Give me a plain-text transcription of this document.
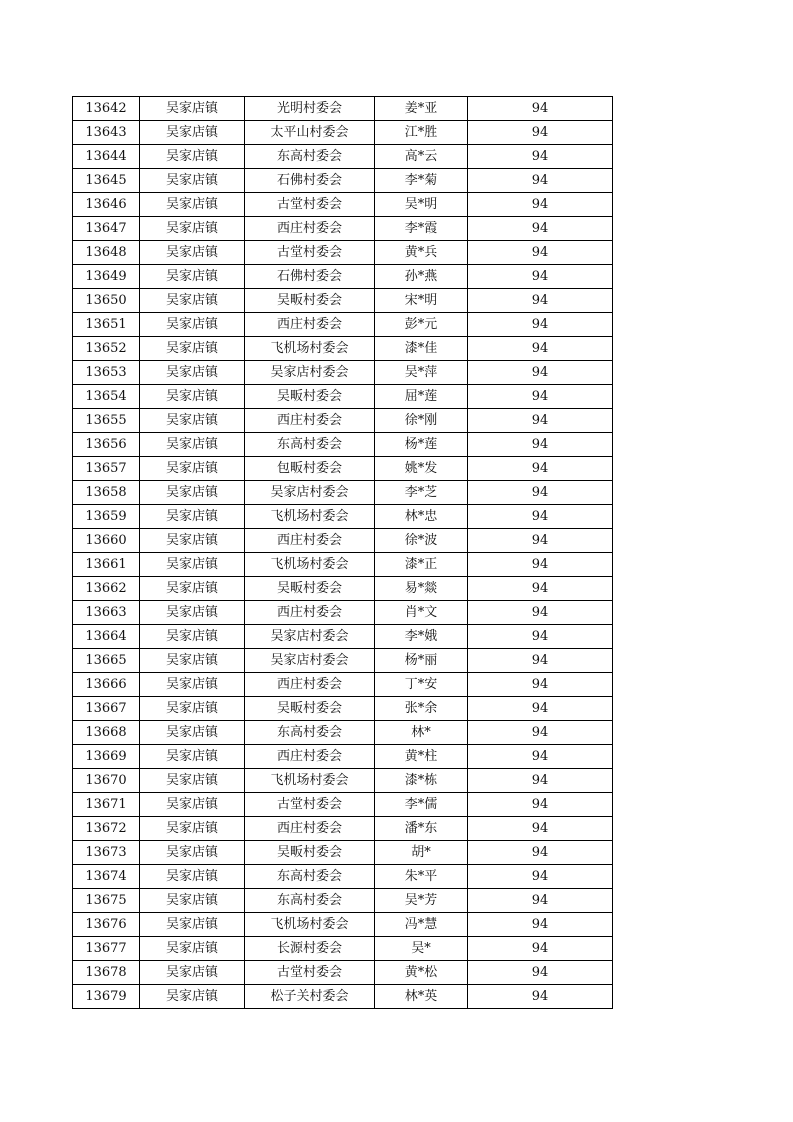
13642	吴家店镇	光明村委会	姜*亚	94
13643	吴家店镇	太平山村委会	江*胜	94
13644	吴家店镇	东高村委会	高*云	94
13645	吴家店镇	石佛村委会	李*菊	94
13646	吴家店镇	古堂村委会	吴*明	94
13647	吴家店镇	西庄村委会	李*霞	94
13648	吴家店镇	古堂村委会	黄*兵	94
13649	吴家店镇	石佛村委会	孙*燕	94
13650	吴家店镇	吴畈村委会	宋*明	94
13651	吴家店镇	西庄村委会	彭*元	94
13652	吴家店镇	飞机场村委会	漆*佳	94
13653	吴家店镇	吴家店村委会	吴*萍	94
13654	吴家店镇	吴畈村委会	屈*莲	94
13655	吴家店镇	西庄村委会	徐*刚	94
13656	吴家店镇	东高村委会	杨*莲	94
13657	吴家店镇	包畈村委会	姚*发	94
13658	吴家店镇	吴家店村委会	李*芝	94
13659	吴家店镇	飞机场村委会	林*忠	94
13660	吴家店镇	西庄村委会	徐*波	94
13661	吴家店镇	飞机场村委会	漆*正	94
13662	吴家店镇	吴畈村委会	易*燚	94
13663	吴家店镇	西庄村委会	肖*文	94
13664	吴家店镇	吴家店村委会	李*娥	94
13665	吴家店镇	吴家店村委会	杨*丽	94
13666	吴家店镇	西庄村委会	丁*安	94
13667	吴家店镇	吴畈村委会	张*余	94
13668	吴家店镇	东高村委会	林*	94
13669	吴家店镇	西庄村委会	黄*柱	94
13670	吴家店镇	飞机场村委会	漆*栋	94
13671	吴家店镇	古堂村委会	李*儒	94
13672	吴家店镇	西庄村委会	潘*东	94
13673	吴家店镇	吴畈村委会	胡*	94
13674	吴家店镇	东高村委会	朱*平	94
13675	吴家店镇	东高村委会	吴*芳	94
13676	吴家店镇	飞机场村委会	冯*慧	94
13677	吴家店镇	长源村委会	吴*	94
13678	吴家店镇	古堂村委会	黄*松	94
13679	吴家店镇	松子关村委会	林*英	94
